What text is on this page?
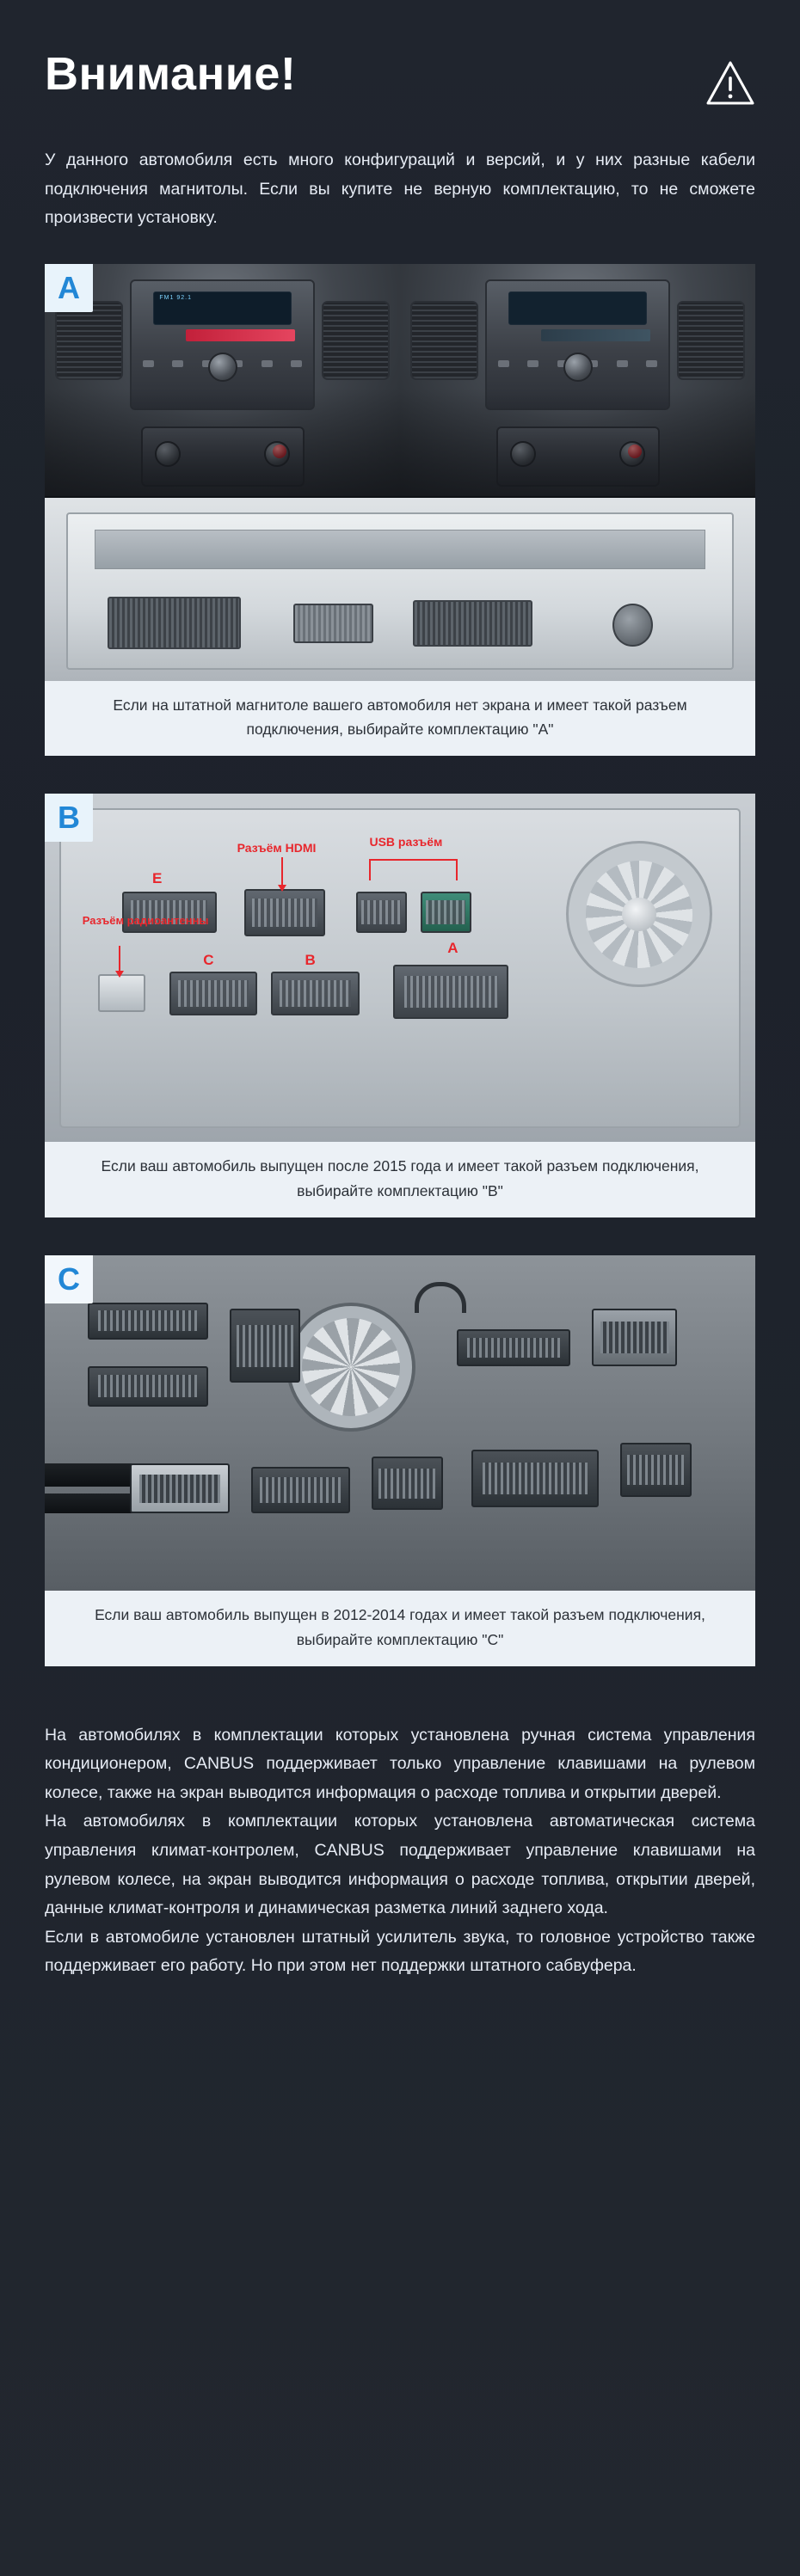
Внимание!
У данного автомобиля есть много конфигураций и версий, и у них разные кабели подключения магнитолы. Если вы купите не верную комплектацию, то не сможете произвести установку.
A	FM1 92.1
Если на штатной магнитоле вашего автомобиля нет экрана и имеет такой разъем подключения, выбирайте комплектацию "A"
B
Разъём HDMI	USB разъём
Разъём радиоантенны
E
C	B
A
Если ваш автомобиль выпущен после 2015 года и имеет такой разъем подключения, выбирайте комплектацию "B"
C
Если ваш автомобиль выпущен в 2012-2014 годах и имеет такой разъем подключения, выбирайте комплектацию "C"

На автомобилях в комплектации которых установлена ручная система управления кондиционером, CANBUS поддерживает только управление клавишами на рулевом колесе, также на экран выводится информация о расходе топлива и открытии дверей.

На автомобилях в комплектации которых установлена автоматическая система управления климат-контролем, CANBUS поддерживает управление клавишами на рулевом колесе, на экран выводится информация о расходе топлива, открытии дверей, данные климат-контроля и динамическая разметка линий заднего хода.

Если в автомобиле установлен штатный усилитель звука, то головное устройство также поддерживает его работу. Но при этом нет поддержки штатного сабвуфера.
